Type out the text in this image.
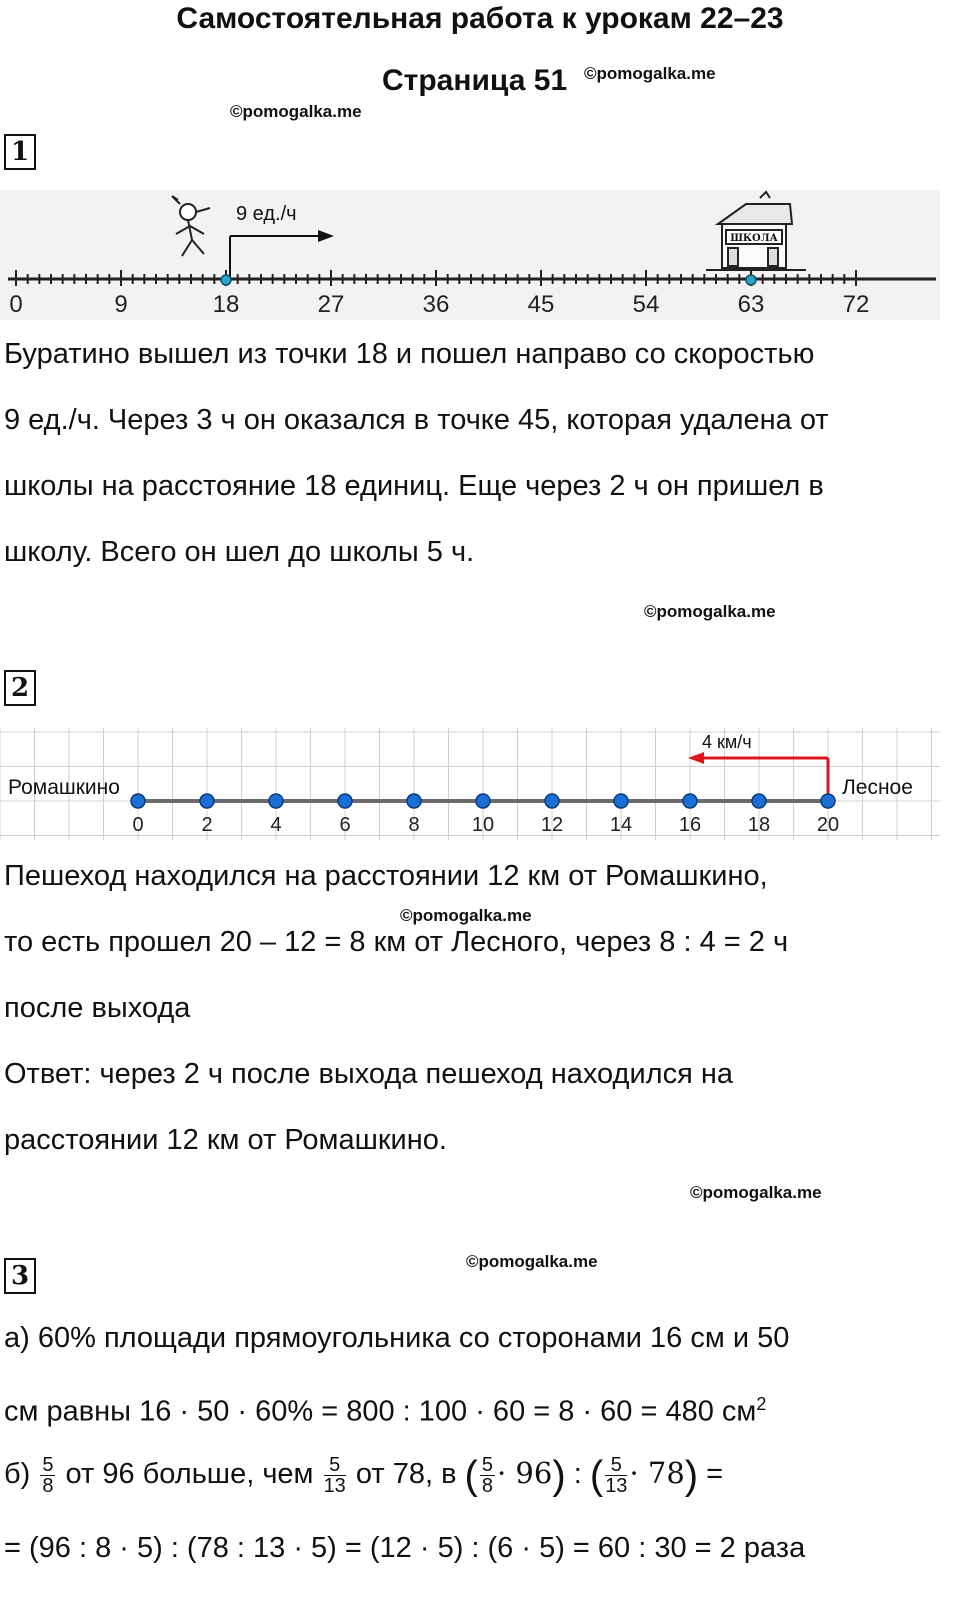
Самостоятельная работа к урокам 22–23
Страница 51 ©pomogalka.me
©pomogalka.me
1
ШКОЛА
9 ед./ч
0	9	18	27	36	45	54	63	72
Буратино вышел из точки 18 и пошел направо со скоростью
9 ед./ч. Через 3 ч он оказался в точке 45, которая удалена от
школы на расстояние 18 единиц. Еще через 2 ч он пришел в
школу. Всего он шел до школы 5 ч.
©pomogalka.me
2
4 км/ч
Ромашкино	Лесное
0	2	4	6	8	10 12 14 16 18 20
Пешеход находился на расстоянии 12 км от Ромашкино,
©pomogalka.me
то есть прошел 20 – 12 = 8 км от Лесного, через 8 : 4 = 2 ч
после выхода
Ответ: через 2 ч после выхода пешеход находился на
расстоянии 12 км от Ромашкино.
©pomogalka.me
3	©pomogalka.me
а) 60% площади прямоугольника со сторонами 16 см и 50
см равны 16 · 50 · 60% = 800 : 100 · 60 = 8 · 60 = 480 $см^2$
$б) \frac{5}{8}$ от 96 больше, чем $\frac{5}{13}$ от 78, в ( $\frac{5}{8} \cdot 96$) : ( $\frac{5}{13} \cdot 78$) =
= (96 : 8 · 5) : (78 : 13 · 5) = (12 · 5) : (6 · 5) = 60 : 30 = 2 раза
